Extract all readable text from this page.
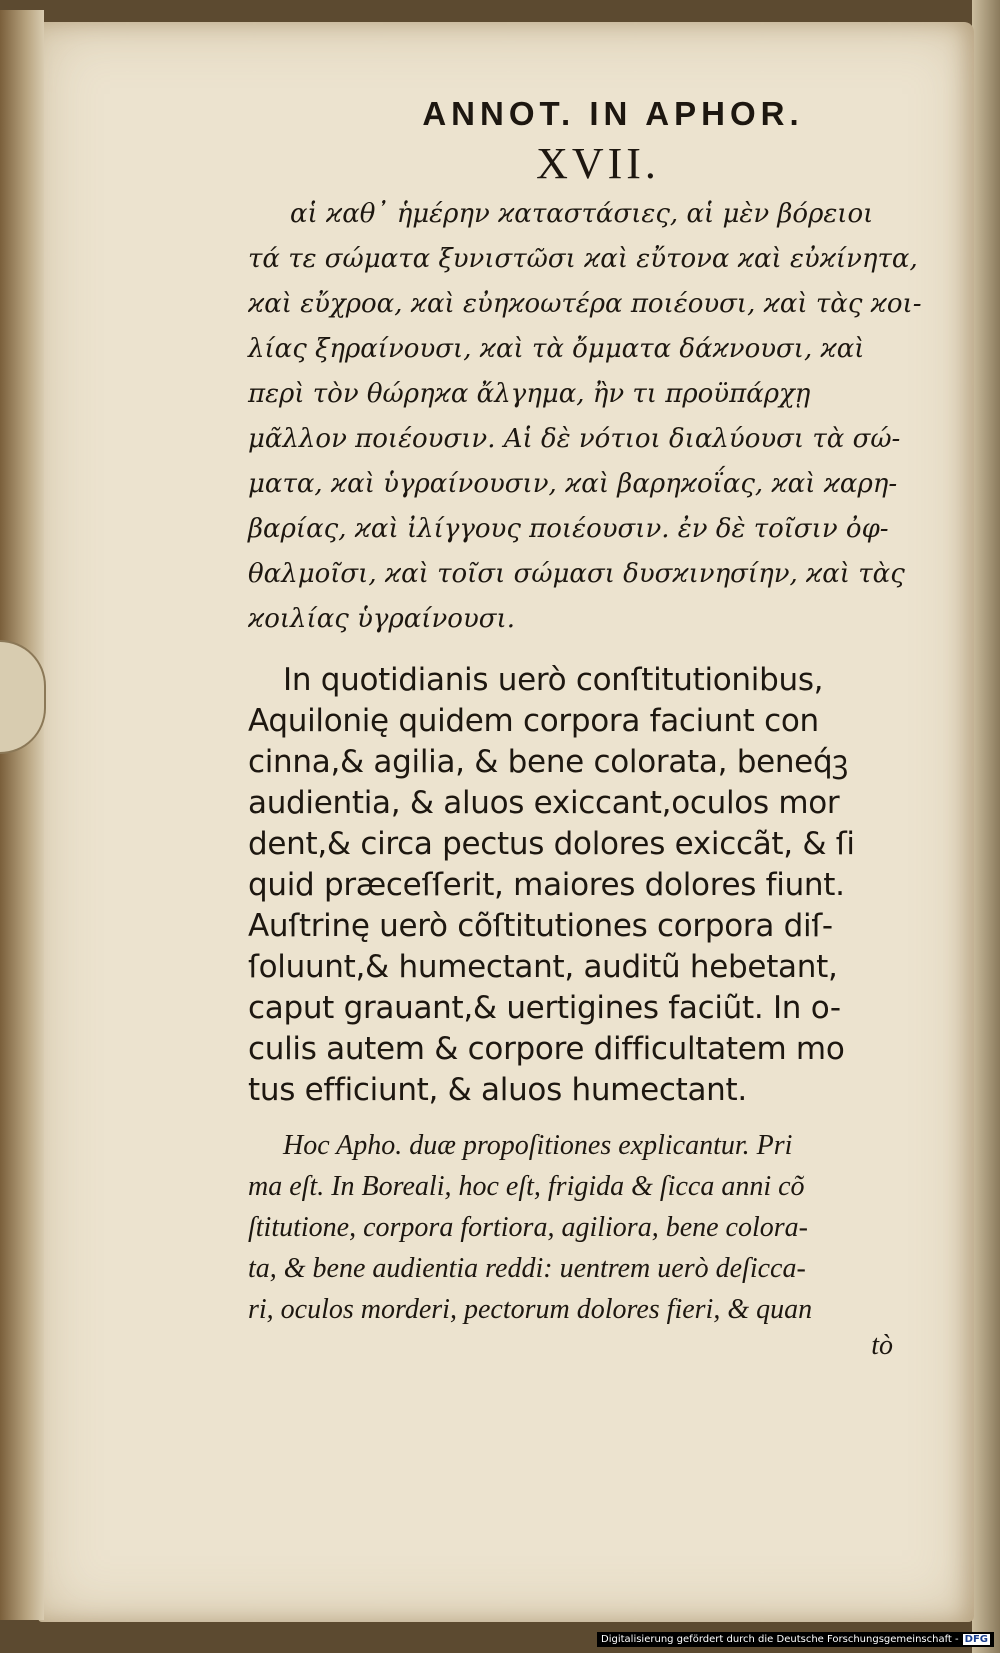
ANNOT. IN APHOR.

XVII.

αἱ ϰαθ᾽ ἡμέρην ϰαταστάσιες, αἱ μὲν βόρειοι
τά τε σώματα ξυνιστῶσι ϰαὶ εὔτονα ϰαὶ εὐϰίνητα,
ϰαὶ εὔχροα, ϰαὶ εὐηϰοωτέρα ποιέουσι, ϰαὶ τὰς ϰοι-
λίας ξηραίνουσι, ϰαὶ τὰ ὄμματα δάϰνουσι, ϰαὶ
περὶ τὸν θώρηϰα ἄλγημα, ἢν τι προϋπάρχῃ
μᾶλλον ποιέουσιν. Αἱ δὲ νότιοι διαλύουσι τὰ σώ-
ματα, ϰαὶ ὑγραίνουσιν, ϰαὶ βαρηϰοΐας, ϰαὶ ϰαρη-
βαρίας, ϰαὶ ἰλίγγους ποιέουσιν. ἐν δὲ τοῖσιν ὀφ-
θαλμοῖσι, ϰαὶ τοῖσι σώμασι δυσϰινησίην, ϰαὶ τὰς
ϰοιλίας ὑγραίνουσι.

In quotidianis uerò conſtitutionibus,
Aquilonię quidem corpora faciunt con
cinna,& agilia, & bene colorata, beneq́ꝫ
audientia, & aluos exiccant,oculos mor
dent,& circa pectus dolores exiccãt, & ſi
quid præceſſerit, maiores dolores fiunt.
Auſtrinę uerò cõſtitutiones corpora diſ-
ſoluunt,& humectant, auditũ hebetant,
caput grauant,& uertigines faciũt. In o-
culis autem & corpore difficultatem mo
tus efficiunt, & aluos humectant.

Hoc Apho. duæ propoſitiones explicantur. Pri
ma eſt. In Boreali, hoc eſt, frigida & ſicca anni cõ
ſtitutione, corpora fortiora, agiliora, bene colora-
ta, & bene audientia reddi: uentrem uerò deſicca-
ri, oculos morderi, pectorum dolores fieri, & quan

tò

Digitalisierung gefördert durch die Deutsche Forschungsgemeinschaft - DFG
